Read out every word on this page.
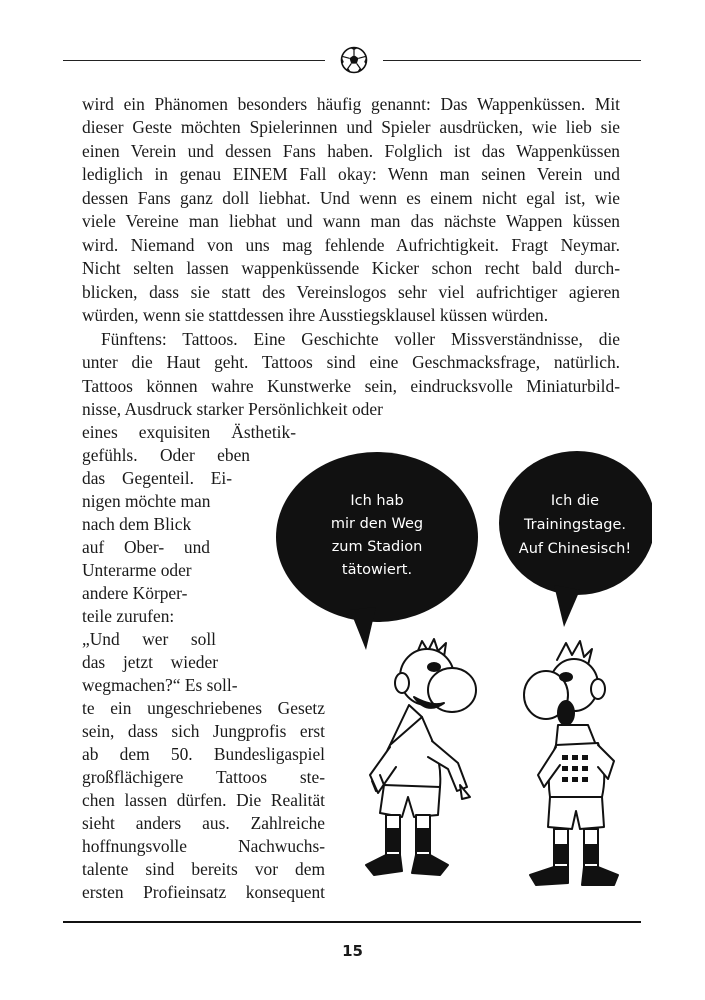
wird ein Phänomen besonders häufig genannt: Das Wappenküssen. Mit
dieser Geste möchten Spielerinnen und Spieler ausdrücken, wie lieb sie
einen Verein und dessen Fans haben. Folglich ist das Wappenküssen
lediglich in genau EINEM Fall okay: Wenn man seinen Verein und
dessen Fans ganz doll liebhat. Und wenn es einem nicht egal ist, wie
viele Vereine man liebhat und wann man das nächste Wappen küssen
wird. Niemand von uns mag fehlende Aufrichtigkeit. Fragt Neymar.
Nicht selten lassen wappenküssende Kicker schon recht bald durch-
blicken, dass sie statt des Vereinslogos sehr viel aufrichtiger agieren
würden, wenn sie stattdessen ihre Ausstiegsklausel küssen würden.
Fünftens: Tattoos. Eine Geschichte voller Missverständnisse, die
unter die Haut geht. Tattoos sind eine Geschmacksfrage, natürlich.
Tattoos können wahre Kunstwerke sein, eindrucksvolle Miniaturbild-
nisse, Ausdruck starker Persönlichkeit oder
eines exquisiten Ästhetik-
gefühls. Oder eben
das Gegenteil. Ei-
nigen möchte man
nach dem Blick
auf Ober- und
Unterarme oder
andere Körper-
teile zurufen:
„Und wer soll
das jetzt wieder
wegmachen?“ Es soll-
te ein ungeschriebenes Gesetz
sein, dass sich Jungprofis erst
ab dem 50. Bundesligaspiel
großflächigere Tattoos ste-
chen lassen dürfen. Die Realität
sieht anders aus. Zahlreiche
hoffnungsvolle Nachwuchs-
talente sind bereits vor dem
ersten Profieinsatz konsequent
Ich hab
mir den Weg
zum Stadion
tätowiert.
Ich die
Trainingstage.
Auf Chinesisch!
15
